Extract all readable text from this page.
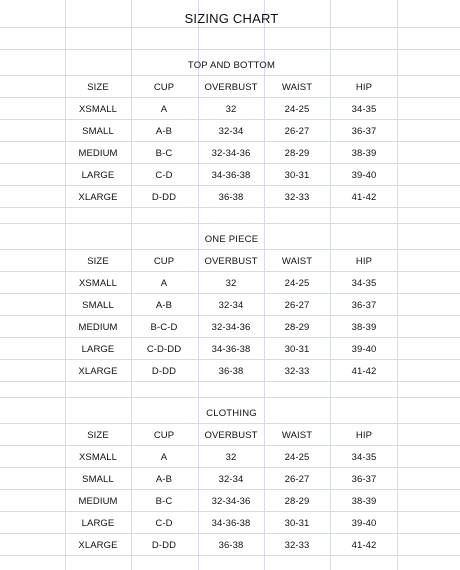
SIZING CHART
TOP AND BOTTOM
SIZE	CUP	OVERBUST	WAIST	HIP
XSMALL	A	32	24-25	34-35
SMALL	A-B	32-34	26-27	36-37
MEDIUM	B-C	32-34-36	28-29	38-39
LARGE	C-D	34-36-38	30-31	39-40
XLARGE	D-DD	36-38	32-33	41-42
ONE PIECE
SIZE	CUP	OVERBUST	WAIST	HIP
XSMALL	A	32	24-25	34-35
SMALL	A-B	32-34	26-27	36-37
MEDIUM	B-C-D	32-34-36	28-29	38-39
LARGE	C-D-DD	34-36-38	30-31	39-40
XLARGE	D-DD	36-38	32-33	41-42
CLOTHING
SIZE	CUP	OVERBUST	WAIST	HIP
XSMALL	A	32	24-25	34-35
SMALL	A-B	32-34	26-27	36-37
MEDIUM	B-C	32-34-36	28-29	38-39
LARGE	C-D	34-36-38	30-31	39-40
XLARGE	D-DD	36-38	32-33	41-42
